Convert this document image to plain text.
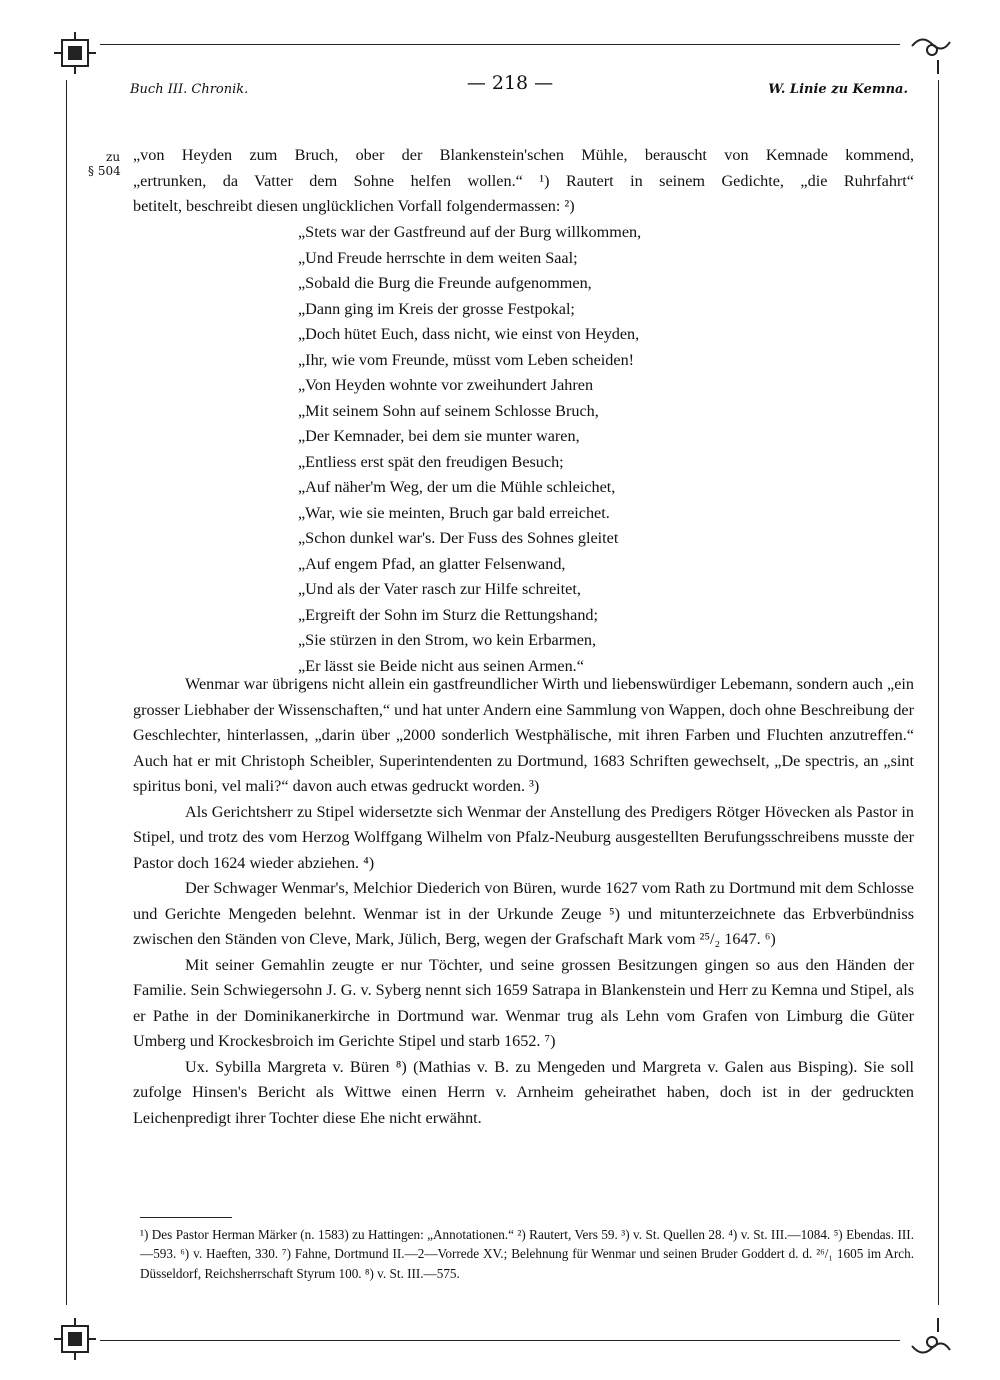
Buch III. Chronik.	— 218 —	W. Linie zu Kemna.
zu
§ 504
„von Heyden zum Bruch, ober der Blankenstein'schen Mühle, berauscht von Kemnade kommend,
„ertrunken, da Vatter dem Sohne helfen wollen.“ ¹) Rautert in seinem Gedichte, „die Ruhrfahrt“
betitelt, beschreibt diesen unglücklichen Vorfall folgendermassen: ²)
„Stets war der Gastfreund auf der Burg willkommen,
„Und Freude herrschte in dem weiten Saal;
„Sobald die Burg die Freunde aufgenommen,
„Dann ging im Kreis der grosse Festpokal;
„Doch hütet Euch, dass nicht, wie einst von Heyden,
„Ihr, wie vom Freunde, müsst vom Leben scheiden!
„Von Heyden wohnte vor zweihundert Jahren
„Mit seinem Sohn auf seinem Schlosse Bruch,
„Der Kemnader, bei dem sie munter waren,
„Entliess erst spät den freudigen Besuch;
„Auf näher'm Weg, der um die Mühle schleichet,
„War, wie sie meinten, Bruch gar bald erreichet.
„Schon dunkel war's. Der Fuss des Sohnes gleitet
„Auf engem Pfad, an glatter Felsenwand,
„Und als der Vater rasch zur Hilfe schreitet,
„Ergreift der Sohn im Sturz die Rettungshand;
„Sie stürzen in den Strom, wo kein Erbarmen,
„Er lässt sie Beide nicht aus seinen Armen.“

Wenmar war übrigens nicht allein ein gastfreundlicher Wirth und liebenswürdiger Lebemann, sondern auch „ein grosser Liebhaber der Wissenschaften,“ und hat unter Andern eine Sammlung von Wappen, doch ohne Beschreibung der Geschlechter, hinterlassen, „darin über „2000 sonderlich Westphälische, mit ihren Farben und Fluchten anzutreffen.“ Auch hat er mit Christoph Scheibler, Superintendenten zu Dortmund, 1683 Schriften gewechselt, „De spectris, an „sint spiritus boni, vel mali?“ davon auch etwas gedruckt worden. ³)

Als Gerichtsherr zu Stipel widersetzte sich Wenmar der Anstellung des Predigers Rötger Hövecken als Pastor in Stipel, und trotz des vom Herzog Wolffgang Wilhelm von Pfalz-Neuburg ausgestellten Berufungsschreibens musste der Pastor doch 1624 wieder abziehen. ⁴)

Der Schwager Wenmar's, Melchior Diederich von Büren, wurde 1627 vom Rath zu Dortmund mit dem Schlosse und Gerichte Mengeden belehnt. Wenmar ist in der Urkunde Zeuge ⁵) und mitunterzeichnete das Erbverbündniss zwischen den Ständen von Cleve, Mark, Jülich, Berg, wegen der Grafschaft Mark vom ²⁵/₂ 1647. ⁶)

Mit seiner Gemahlin zeugte er nur Töchter, und seine grossen Besitzungen gingen so aus den Händen der Familie. Sein Schwiegersohn J. G. v. Syberg nennt sich 1659 Satrapa in Blankenstein und Herr zu Kemna und Stipel, als er Pathe in der Dominikanerkirche in Dortmund war. Wenmar trug als Lehn vom Grafen von Limburg die Güter Umberg und Krockesbroich im Gerichte Stipel und starb 1652. ⁷)

Ux. Sybilla Margreta v. Büren ⁸) (Mathias v. B. zu Mengeden und Margreta v. Galen aus Bisping). Sie soll zufolge Hinsen's Bericht als Wittwe einen Herrn v. Arnheim geheirathet haben, doch ist in der gedruckten Leichenpredigt ihrer Tochter diese Ehe nicht erwähnt.

¹) Des Pastor Herman Märker (n. 1583) zu Hattingen: „Annotationen.“ ²) Rautert, Vers 59. ³) v. St. Quellen 28. ⁴) v. St. III.—1084. ⁵) Ebendas. III.—593. ⁶) v. Haeften, 330. ⁷) Fahne, Dortmund II.—2—Vorrede XV.; Belehnung für Wenmar und seinen Bruder Goddert d. d. ²⁶/₁ 1605 im Arch. Düsseldorf, Reichsherrschaft Styrum 100. ⁸) v. St. III.—575.
